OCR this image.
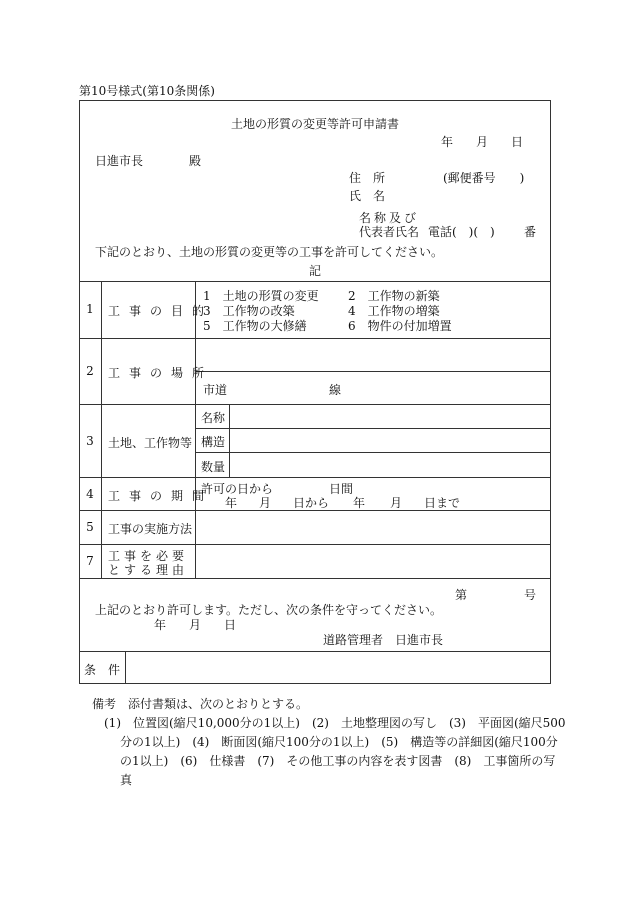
第10号様式(第10条関係)
土地の形質の変更等許可申請書
年 月 日
日進市長	殿
住　所	(郵便番号　　)
氏　名
名称及び
代表者氏名 電話(　)(　) 番
下記のとおり、土地の形質の変更等の工事を許可してください。
記
1	工事の目的
1　土地の形質の変更 2　工作物の新築
3　工作物の改築	4　工作物の増築
5　工作物の大修繕	6　物件の付加増置
2	工事の場所
市道	線
3	土地、工作物等
名称
構造
数量
4	工事の期間
許可の日から	日間
年 月 日から 年 月 日まで
5	工事の実施方法
7	工事を必要
とする理由
第	号
上記のとおり許可します。ただし、次の条件を守ってください。
年 月 日
道路管理者　日進市長
条　件
備考　添付書類は、次のとおりとする。
(1)　位置図(縮尺10,000分の1以上)　(2)　土地整理図の写し　(3)　平面図(縮尺500
分の1以上)　(4)　断面図(縮尺100分の1以上)　(5)　構造等の詳細図(縮尺100分
の1以上)　(6)　仕様書　(7)　その他工事の内容を表す図書　(8)　工事箇所の写
真
